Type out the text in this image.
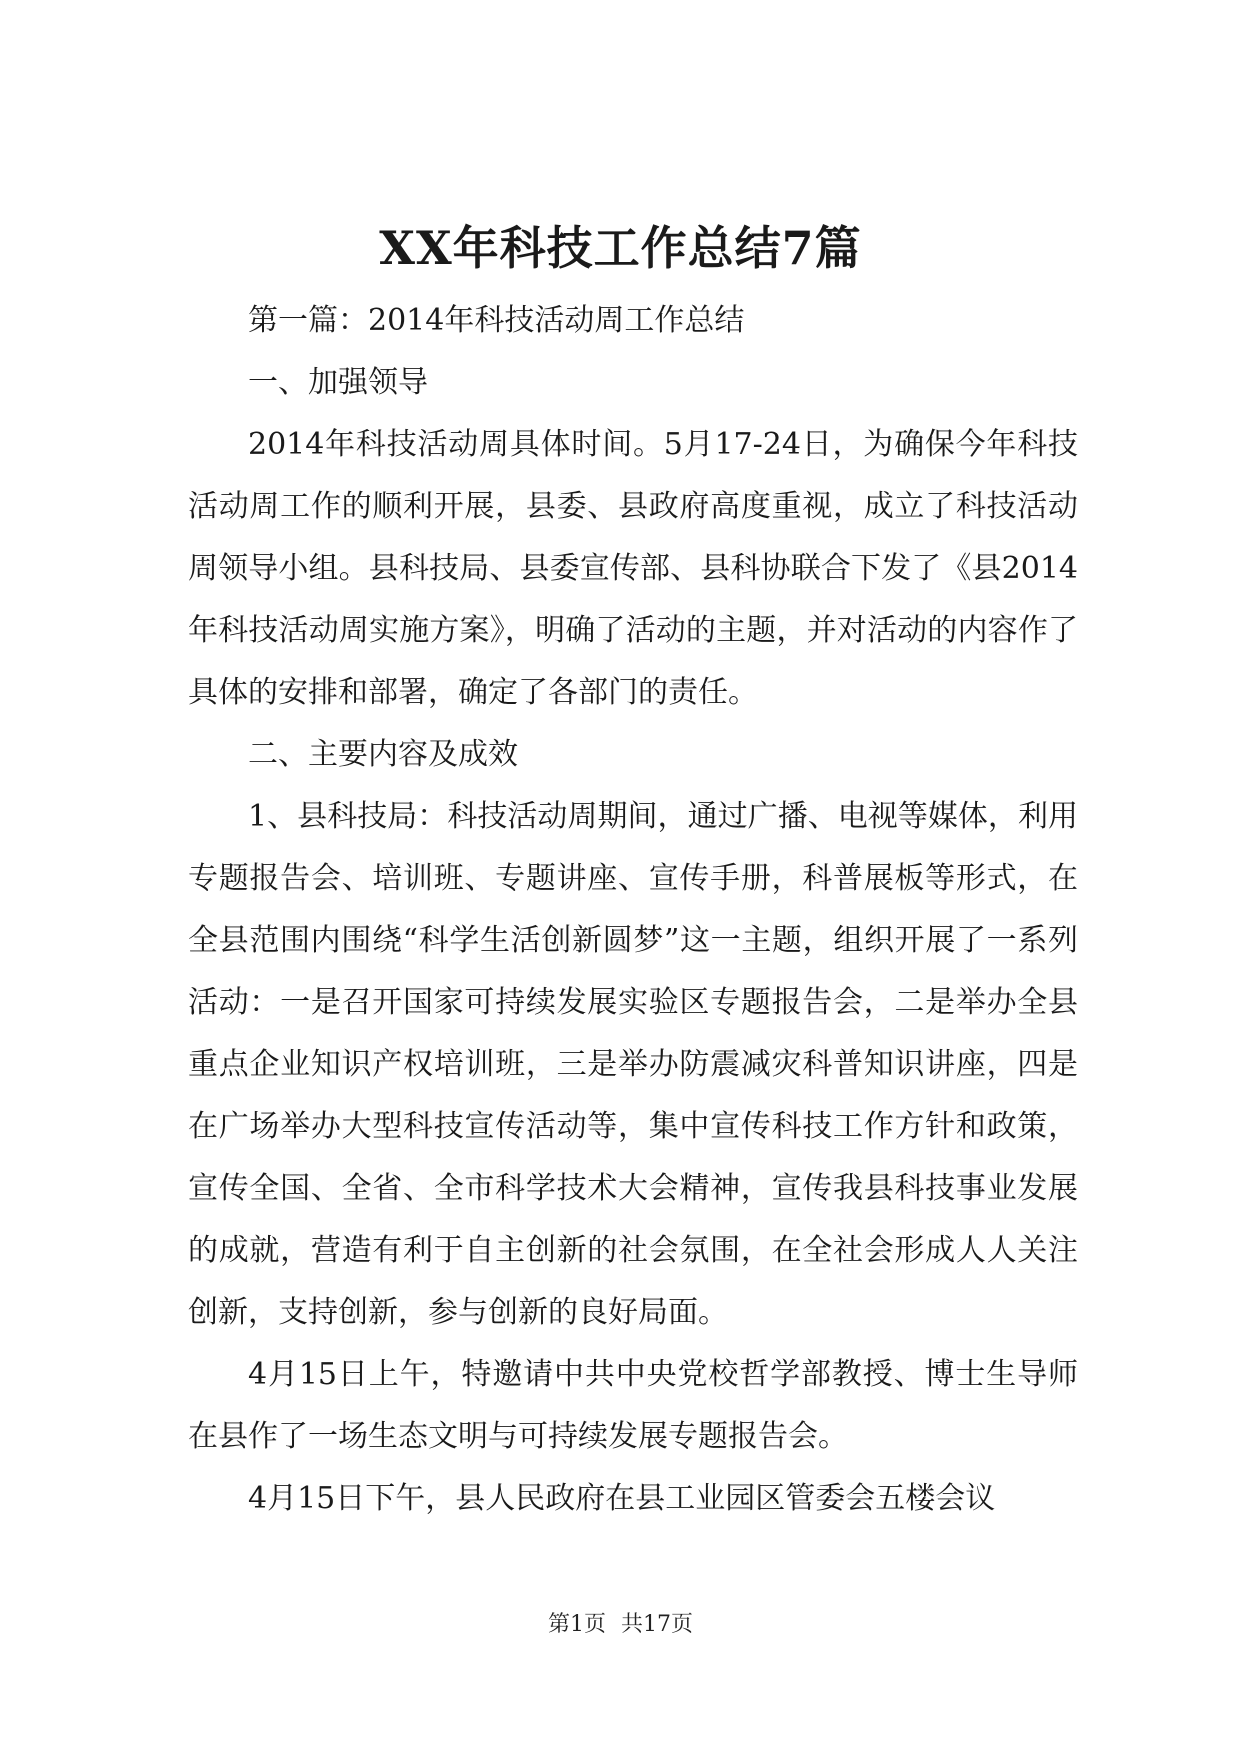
XX年科技工作总结7篇

第一篇：2014年科技活动周工作总结

一、加强领导

2014年科技活动周具体时间。5月17-24日，为确保今年科技活动周工作的顺利开展，县委、县政府高度重视，成立了科技活动周领导小组。县科技局、县委宣传部、县科协联合下发了《县2014年科技活动周实施方案》，明确了活动的主题，并对活动的内容作了具体的安排和部署，确定了各部门的责任。

二、主要内容及成效

1、县科技局：科技活动周期间，通过广播、电视等媒体，利用专题报告会、培训班、专题讲座、宣传手册，科普展板等形式，在全县范围内围绕“科学生活创新圆梦”这一主题，组织开展了一系列活动：一是召开国家可持续发展实验区专题报告会，二是举办全县重点企业知识产权培训班，三是举办防震减灾科普知识讲座，四是在广场举办大型科技宣传活动等，集中宣传科技工作方针和政策，宣传全国、全省、全市科学技术大会精神，宣传我县科技事业发展的成就，营造有利于自主创新的社会氛围，在全社会形成人人关注创新，支持创新，参与创新的良好局面。

4月15日上午，特邀请中共中央党校哲学部教授、博士生导师在县作了一场生态文明与可持续发展专题报告会。

4月15日下午，县人民政府在县工业园区管委会五楼会议

第1页 共17页
